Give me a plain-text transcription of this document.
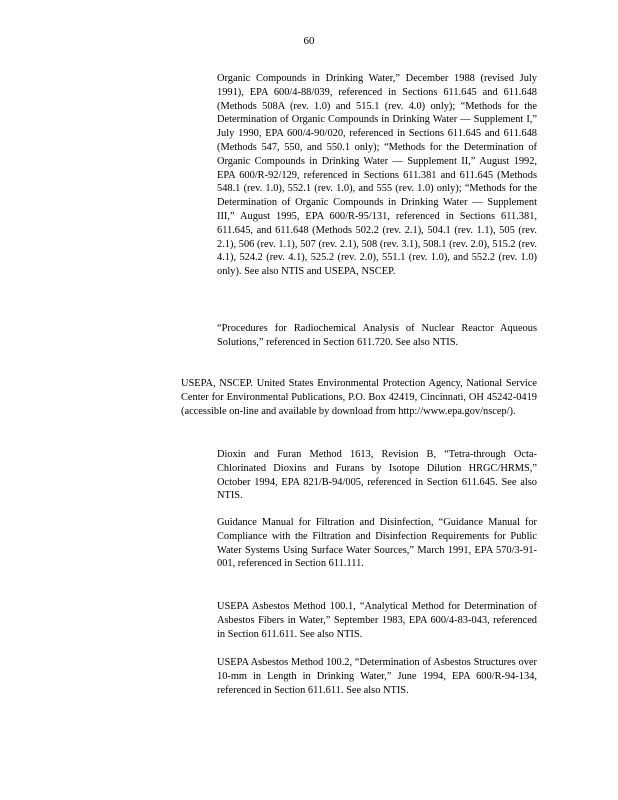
60

Organic Compounds in Drinking Water,” December 1988 (revised July 1991), EPA 600/4-88/039, referenced in Sections 611.645 and 611.648 (Methods 508A (rev. 1.0) and 515.1 (rev. 4.0) only); “Methods for the Determination of Organic Compounds in Drinking Water — Supplement I,” July 1990, EPA 600/4-90/020, referenced in Sections 611.645 and 611.648 (Methods 547, 550, and 550.1 only); “Methods for the Determination of Organic Compounds in Drinking Water — Supplement II,” August 1992, EPA 600/R-92/129, referenced in Sections 611.381 and 611.645 (Methods 548.1 (rev. 1.0), 552.1 (rev. 1.0), and 555 (rev. 1.0) only); “Methods for the Determination of Organic Compounds in Drinking Water — Supplement III,” August 1995, EPA 600/R-95/131, referenced in Sections 611.381, 611.645, and 611.648 (Methods 502.2 (rev. 2.1), 504.1 (rev. 1.1), 505 (rev. 2.1), 506 (rev. 1.1), 507 (rev. 2.1), 508 (rev. 3.1), 508.1 (rev. 2.0), 515.2 (rev. 4.1), 524.2 (rev. 4.1), 525.2 (rev. 2.0), 551.1 (rev. 1.0), and 552.2 (rev. 1.0) only). See also NTIS and USEPA, NSCEP.

“Procedures for Radiochemical Analysis of Nuclear Reactor Aqueous Solutions,” referenced in Section 611.720. See also NTIS.

USEPA, NSCEP. United States Environmental Protection Agency, National Service Center for Environmental Publications, P.O. Box 42419, Cincinnati, OH 45242-0419 (accessible on-line and available by download from http://www.epa.gov/nscep/).

Dioxin and Furan Method 1613, Revision B, “Tetra-through Octa-Chlorinated Dioxins and Furans by Isotope Dilution HRGC/HRMS,” October 1994, EPA 821/B-94/005, referenced in Section 611.645. See also NTIS.

Guidance Manual for Filtration and Disinfection, “Guidance Manual for Compliance with the Filtration and Disinfection Requirements for Public Water Systems Using Surface Water Sources,” March 1991, EPA 570/3-91-001, referenced in Section 611.111.

USEPA Asbestos Method 100.1, “Analytical Method for Determination of Asbestos Fibers in Water,” September 1983, EPA 600/4-83-043, referenced in Section 611.611. See also NTIS.

USEPA Asbestos Method 100.2, “Determination of Asbestos Structures over 10-mm in Length in Drinking Water,” June 1994, EPA 600/R-94-134, referenced in Section 611.611. See also NTIS.
